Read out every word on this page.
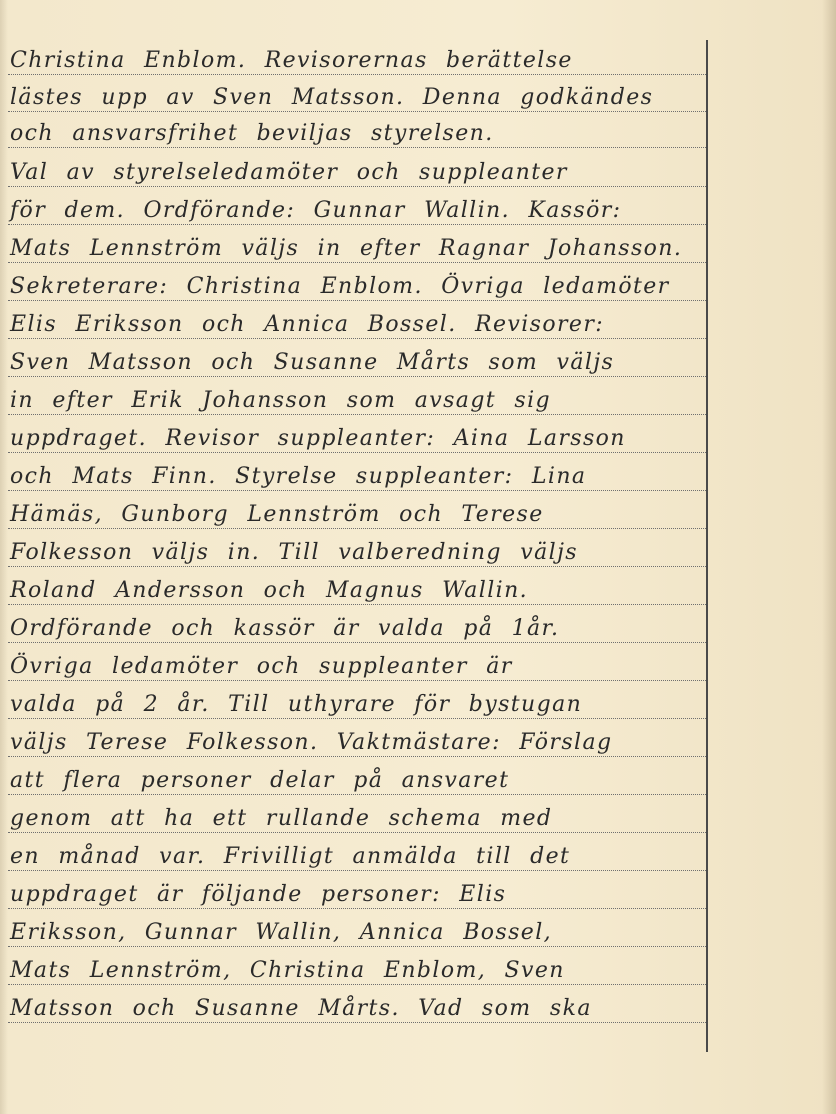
Christina Enblom. Revisorernas berättelse
lästes upp av Sven Matsson. Denna godkändes
och ansvarsfrihet beviljas styrelsen.
Val av styrelseledamöter och suppleanter
för dem. Ordförande: Gunnar Wallin. Kassör:
Mats Lennström väljs in efter Ragnar Johansson.
Sekreterare: Christina Enblom. Övriga ledamöter
Elis Eriksson och Annica Bossel. Revisorer:
Sven Matsson och Susanne Mårts som väljs
in efter Erik Johansson som avsagt sig
uppdraget. Revisor suppleanter: Aina Larsson
och Mats Finn. Styrelse suppleanter: Lina
Hämäs, Gunborg Lennström och Terese
Folkesson väljs in. Till valberedning väljs
Roland Andersson och Magnus Wallin.
Ordförande och kassör är valda på 1år.
Övriga ledamöter och suppleanter är
valda på 2 år. Till uthyrare för bystugan
väljs Terese Folkesson. Vaktmästare: Förslag
att flera personer delar på ansvaret
genom att ha ett rullande schema med
en månad var. Frivilligt anmälda till det
uppdraget är följande personer: Elis
Eriksson, Gunnar Wallin, Annica Bossel,
Mats Lennström, Christina Enblom, Sven
Matsson och Susanne Mårts. Vad som ska
